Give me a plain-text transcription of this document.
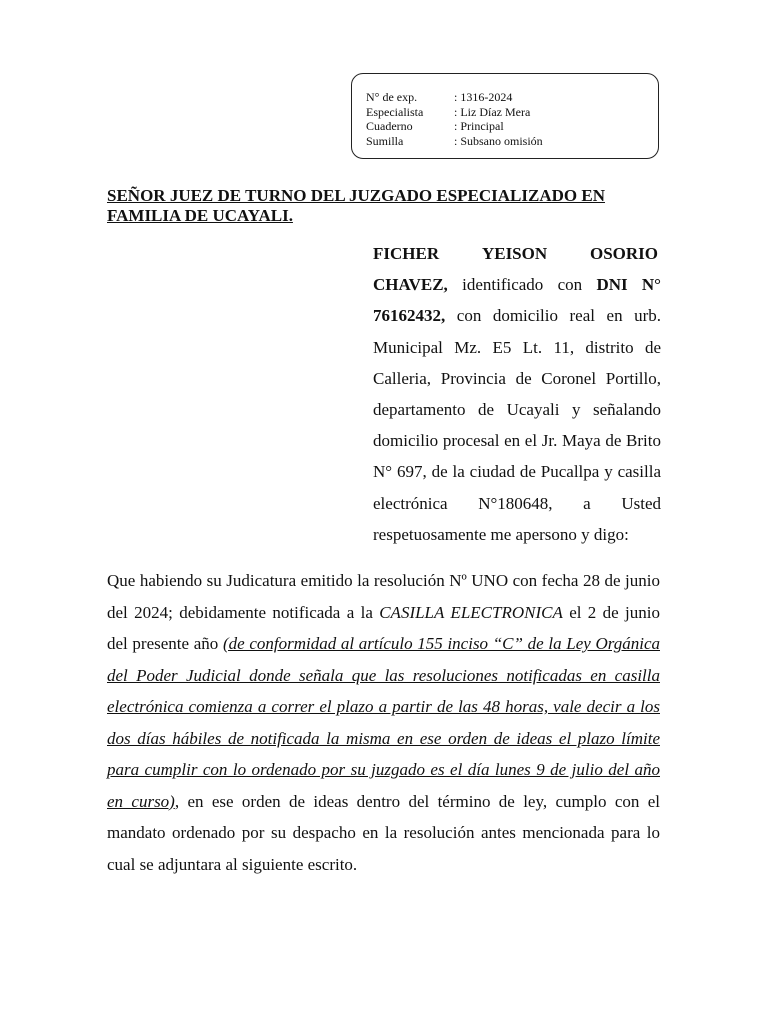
N° de exp.	: 1316-2024
Especialista	: Liz Díaz Mera
Cuaderno	: Principal
Sumilla	: Subsano omisión
SEÑOR JUEZ DE TURNO DEL JUZGADO ESPECIALIZADO EN
FAMILIA DE UCAYALI.
FICHER	YEISON	OSORIO
CHAVEZ, identificado con DNI N° 76162432, con domicilio real en urb. Municipal Mz. E5 Lt. 11, distrito de Calleria, Provincia de Coronel Portillo, departamento de Ucayali y señalando domicilio procesal en el Jr. Maya de Brito N° 697, de la ciudad de Pucallpa y casilla electrónica N°180648, a Usted respetuosamente me apersono y digo:
Que habiendo su Judicatura emitido la resolución Nº UNO con fecha 28 de junio del 2024; debidamente notificada a la CASILLA ELECTRONICA el 2 de junio del presente año (de conformidad al artículo 155 inciso “C” de la Ley Orgánica del Poder Judicial donde señala que las resoluciones notificadas en casilla electrónica comienza a correr el plazo a partir de las 48 horas, vale decir a los dos días hábiles de notificada la misma en ese orden de ideas el plazo límite para cumplir con lo ordenado por su juzgado es el día lunes 9 de julio del año en curso), en ese orden de ideas dentro del término de ley, cumplo con el mandato ordenado por su despacho en la resolución antes mencionada para lo cual se adjuntara al siguiente escrito.
